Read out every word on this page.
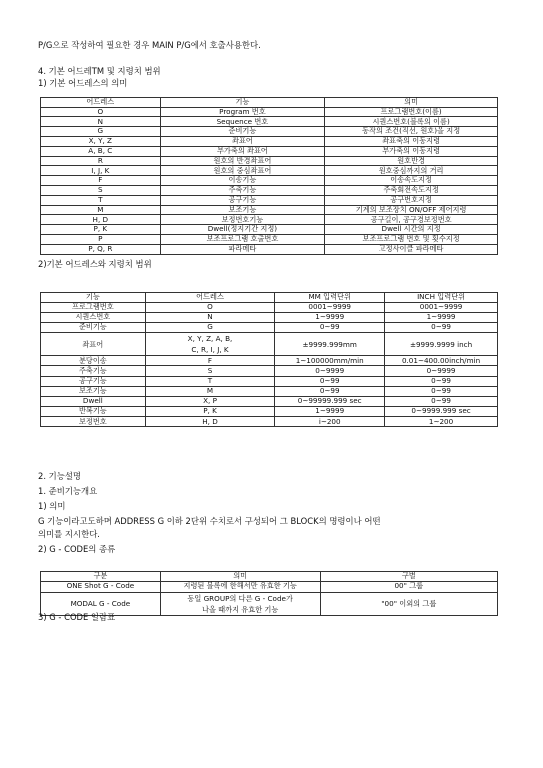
P/G으로 작성하여 필요한 경우 MAIN P/G에서 호출사용한다.
4. 기본 어드레TM 및 지령치 범위
1) 기본 어드레스의 의미
어드레스	기능	의미
O	Program 번호	프로그램번호(이름)
N	Sequence 번호	시퀀스번호(블록의 이름)
G	준비기능	동작의 조건(직선, 원호)을 지정
X, Y, Z	좌표어	좌표축의 이동지령
A, B, C	부가축의 좌표어	부가축의 이동지령
R	원호의 반경좌표어	원호반경
I, J, K	원호의 중심좌표어	원호중심까지의 거리
F	이송기능	이송속도지정
S	주축기능	주축회전속도지정
T	공구기능	공구번호지정
M	보조기능	기계의 보조장치 ON/OFF 제어지령
H, D	보정번호기능	공구길이, 공구경보정번호
P, K	Dwell(정지기간 지정)	Dwell 시간의 지정
P	보조프로그램 호출번호	보조프로그램 번호 및 횟수지정
P, Q, R	파라메타	고정사이클 파라메타
2)기본 어드레스와 지령치 범위
기능	어드레스	MM 입력단위	INCH 입력단위
프로그램번호	O	0001~9999	0001~9999
시퀀스번호	N	1~9999	1~9999
준비기능	G	0~99	0~99
좌표어	X, Y, Z, A, B,
C, R, I, J, K	±9999.999mm	±9999.9999 inch
분당이송	F	1~100000mm/min	0.01~400.00inch/min
주축기능	S	0~9999	0~9999
공구기능	T	0~99	0~99
보조기능	M	0~99	0~99
Dwell	X, P	0~99999.999 sec	0~99
반복기능	P, K	1~9999	0~9999.999 sec
보정번호	H, D	i~200	1~200
2. 기능설명
1. 준비기능개요
1) 의미
G 기능이라고도하며 ADDRESS G 이하 2단위 수치로서 구성되어 그 BLOCK의 명령이나 어떤
의미를 지시한다.
2) G - CODE의 종류
구분	의미	구별
ONE Shot G - Code	지령된 블록에 한해서만 유효한 기능	00" 그룹
MODAL G - Code	동일 GROUP의 다른 G - Code가
나올 때까지 유효한 기능	"00" 이외의 그룹
3) G - CODE 일람표
